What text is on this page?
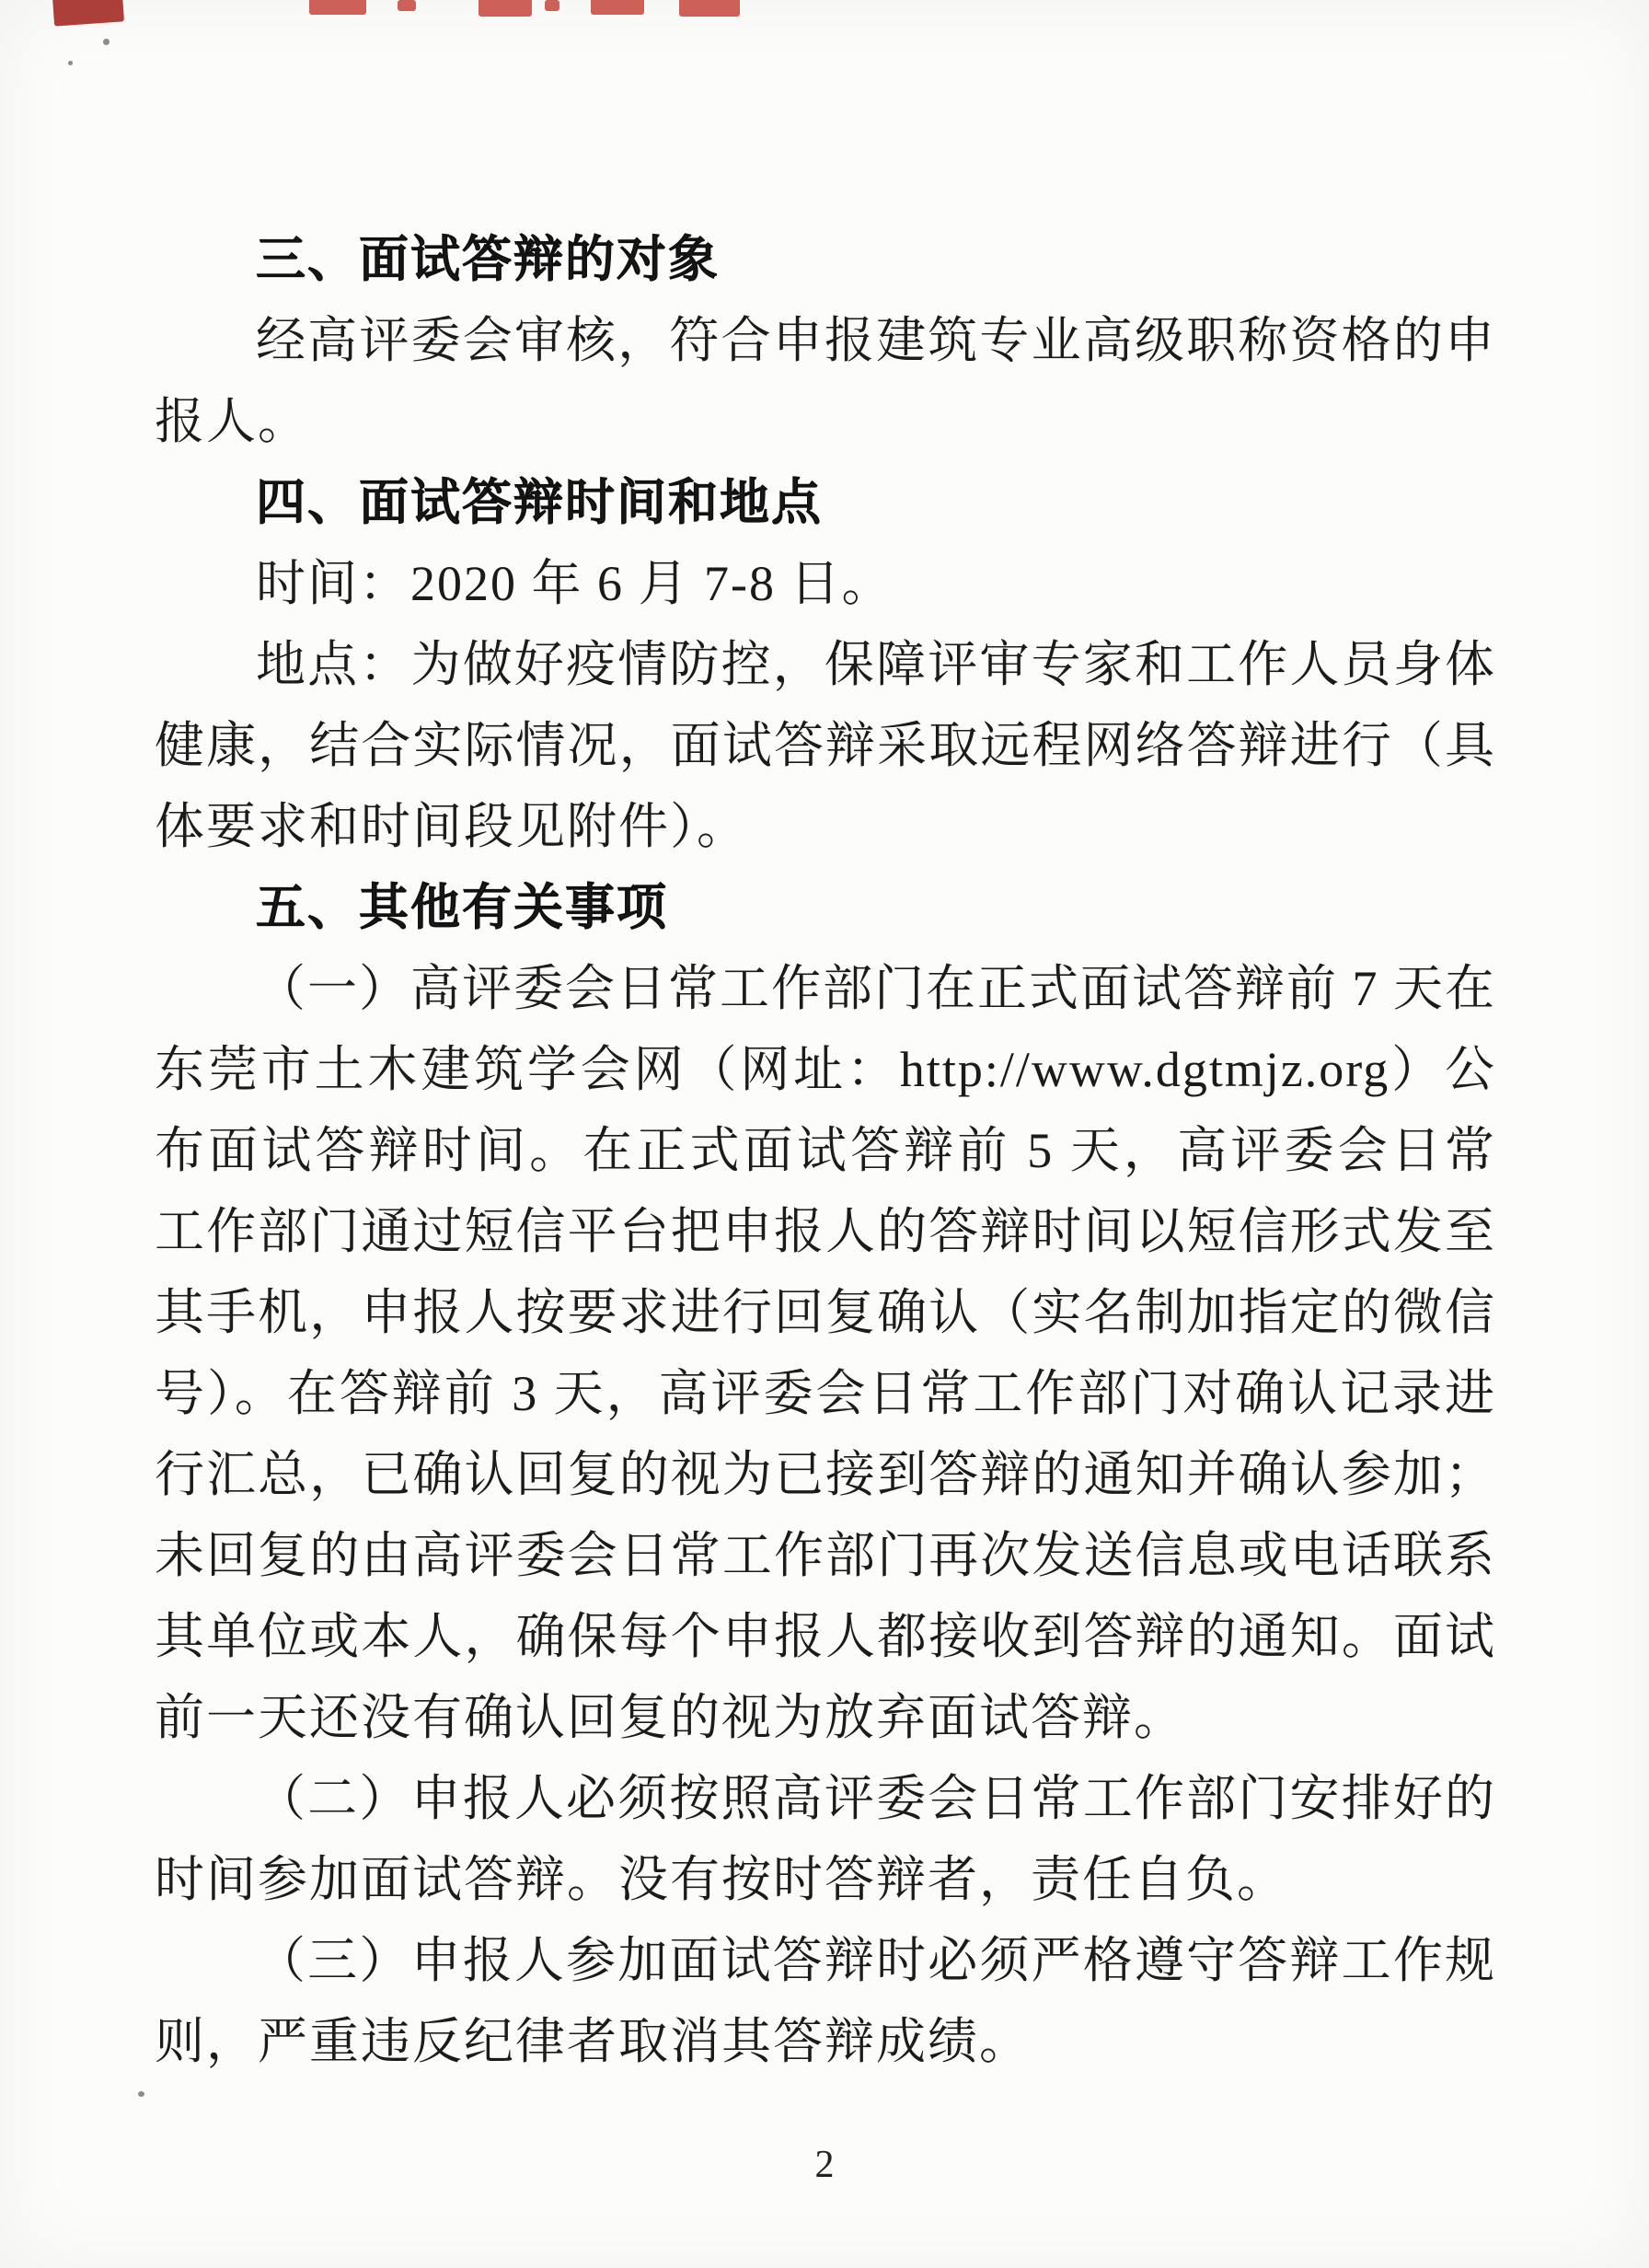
三、面试答辩的对象
经高评委会审核，符合申报建筑专业高级职称资格的申报人。
四、面试答辩时间和地点
时间：2020 年 6 月 7-8 日。
地点：为做好疫情防控，保障评审专家和工作人员身体健康，结合实际情况，面试答辩采取远程网络答辩进行（具体要求和时间段见附件）。
五、其他有关事项
（一）高评委会日常工作部门在正式面试答辩前 7 天在东莞市土木建筑学会网（网址：http://www.dgtmjz.org）公布面试答辩时间。在正式面试答辩前 5 天，高评委会日常工作部门通过短信平台把申报人的答辩时间以短信形式发至其手机，申报人按要求进行回复确认（实名制加指定的微信号）。在答辩前 3 天，高评委会日常工作部门对确认记录进行汇总，已确认回复的视为已接到答辩的通知并确认参加；未回复的由高评委会日常工作部门再次发送信息或电话联系其单位或本人，确保每个申报人都接收到答辩的通知。面试前一天还没有确认回复的视为放弃面试答辩。
（二）申报人必须按照高评委会日常工作部门安排好的时间参加面试答辩。没有按时答辩者，责任自负。
（三）申报人参加面试答辩时必须严格遵守答辩工作规则，严重违反纪律者取消其答辩成绩。
2
